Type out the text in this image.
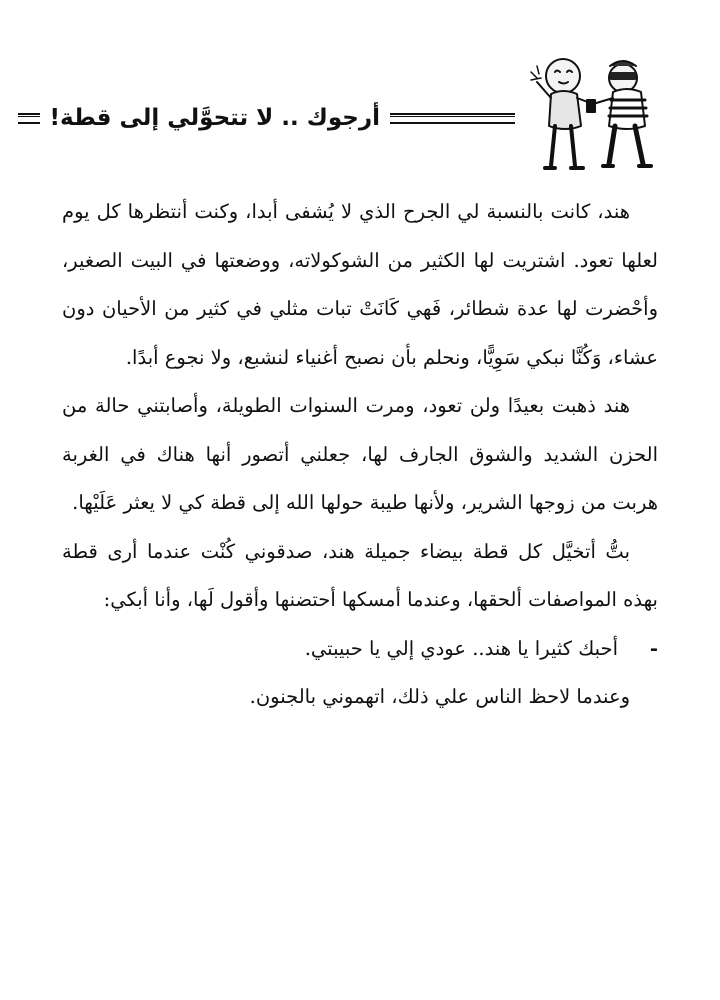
أرجوك .. لا تتحوَّلي إلى قطة!

هند، كانت بالنسبة لي الجرح الذي لا يُشفى أبدا، وكنت أنتظرها كل يوم لعلها تعود. اشتريت لها الكثير من الشوكولاته، ووضعتها في البيت الصغير، وأحْضرت لها عدة شطائر، فَهي كَانَتْ تبات مثلي في كثير من الأحيان دون عشاء، وَكُنَّا نبكي سَوِيًّا، ونحلم بأن نصبح أغنياء لنشبع، ولا نجوع أبدًا.

هند ذهبت بعيدًا ولن تعود، ومرت السنوات الطويلة، وأصابتني حالة من الحزن الشديد والشوق الجارف لها، جعلني أتصور أنها هناك في الغربة هربت من زوجها الشرير، ولأنها طيبة حولها الله إلى قطة كي لا يعثر عَلَيْها.

بتُّ أتخيَّل كل قطة بيضاء جميلة هند، صدقوني كُنْت عندما أرى قطة بهذه المواصفات ألحقها، وعندما أمسكها أحتضنها وأقول لَها، وأنا أبكي:

-
أحبك كثيرا يا هند.. عودي إلي يا حبيبتي.

وعندما لاحظ الناس علي ذلك، اتهموني بالجنون.
